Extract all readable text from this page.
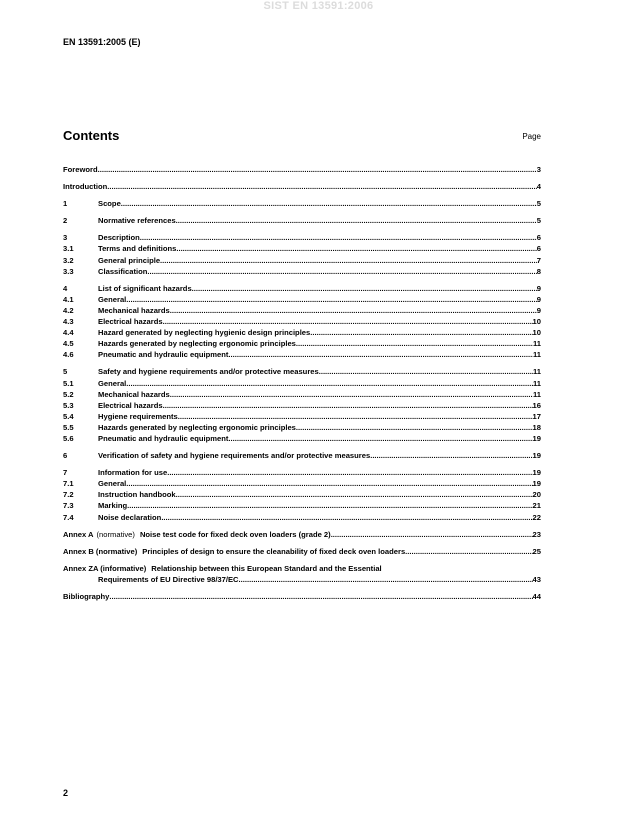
SIST EN 13591:2006
EN 13591:2005 (E)
Contents	Page
Foreword .....	3
Introduction .....	4
1	Scope .....	5
2	Normative references .....	5
3	Description .....	6
3.1	Terms and definitions .....	6
3.2	General principle .....	7
3.3	Classification .....	8
4	List of significant hazards .....	9
4.1	General .....	9
4.2	Mechanical hazards .....	9
4.3	Electrical hazards .....	10
4.4	Hazard generated by neglecting hygienic design principles .....	10
4.5	Hazards generated by neglecting ergonomic principles .....	11
4.6	Pneumatic and hydraulic equipment .....	11
5	Safety and hygiene requirements and/or protective measures .....	11
5.1	General .....	11
5.2	Mechanical hazards .....	11
5.3	Electrical hazards .....	16
5.4	Hygiene requirements .....	17
5.5	Hazards generated by neglecting ergonomic principles .....	18
5.6	Pneumatic and hydraulic equipment .....	19
6	Verification of safety and hygiene requirements and/or protective measures .....	19
7	Information for use .....	19
7.1	General .....	19
7.2	Instruction handbook .....	20
7.3	Marking .....	21
7.4	Noise declaration .....	22
Annex A (normative) Noise test code for fixed deck oven loaders (grade 2) .....	23
Annex B (normative) Principles of design to ensure the cleanability of fixed deck oven loaders .....	25
Annex ZA (informative) Relationship between this European Standard and the Essential
Requirements of EU Directive 98/37/EC .....	43
Bibliography .....	44
2
